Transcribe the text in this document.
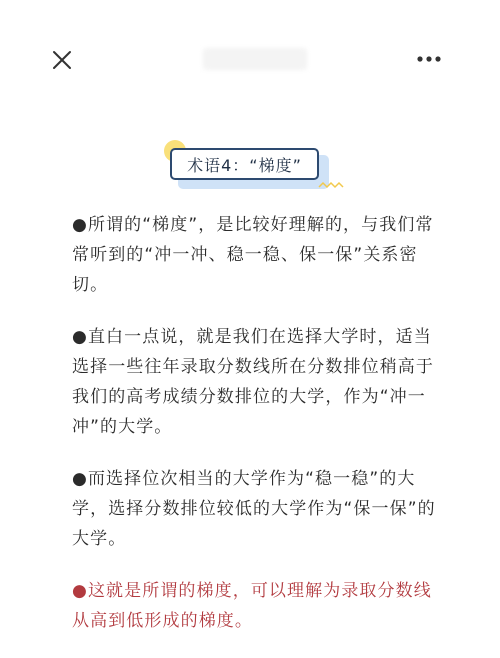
术语4：“梯度”

●所谓的“梯度”，是比较好理解的，与我们常常听到的“冲一冲、稳一稳、保一保”关系密切。

●直白一点说，就是我们在选择大学时，适当选择一些往年录取分数线所在分数排位稍高于我们的高考成绩分数排位的大学，作为“冲一冲”的大学。

●而选择位次相当的大学作为“稳一稳”的大学，选择分数排位较低的大学作为“保一保”的大学。

●这就是所谓的梯度，可以理解为录取分数线从高到低形成的梯度。
